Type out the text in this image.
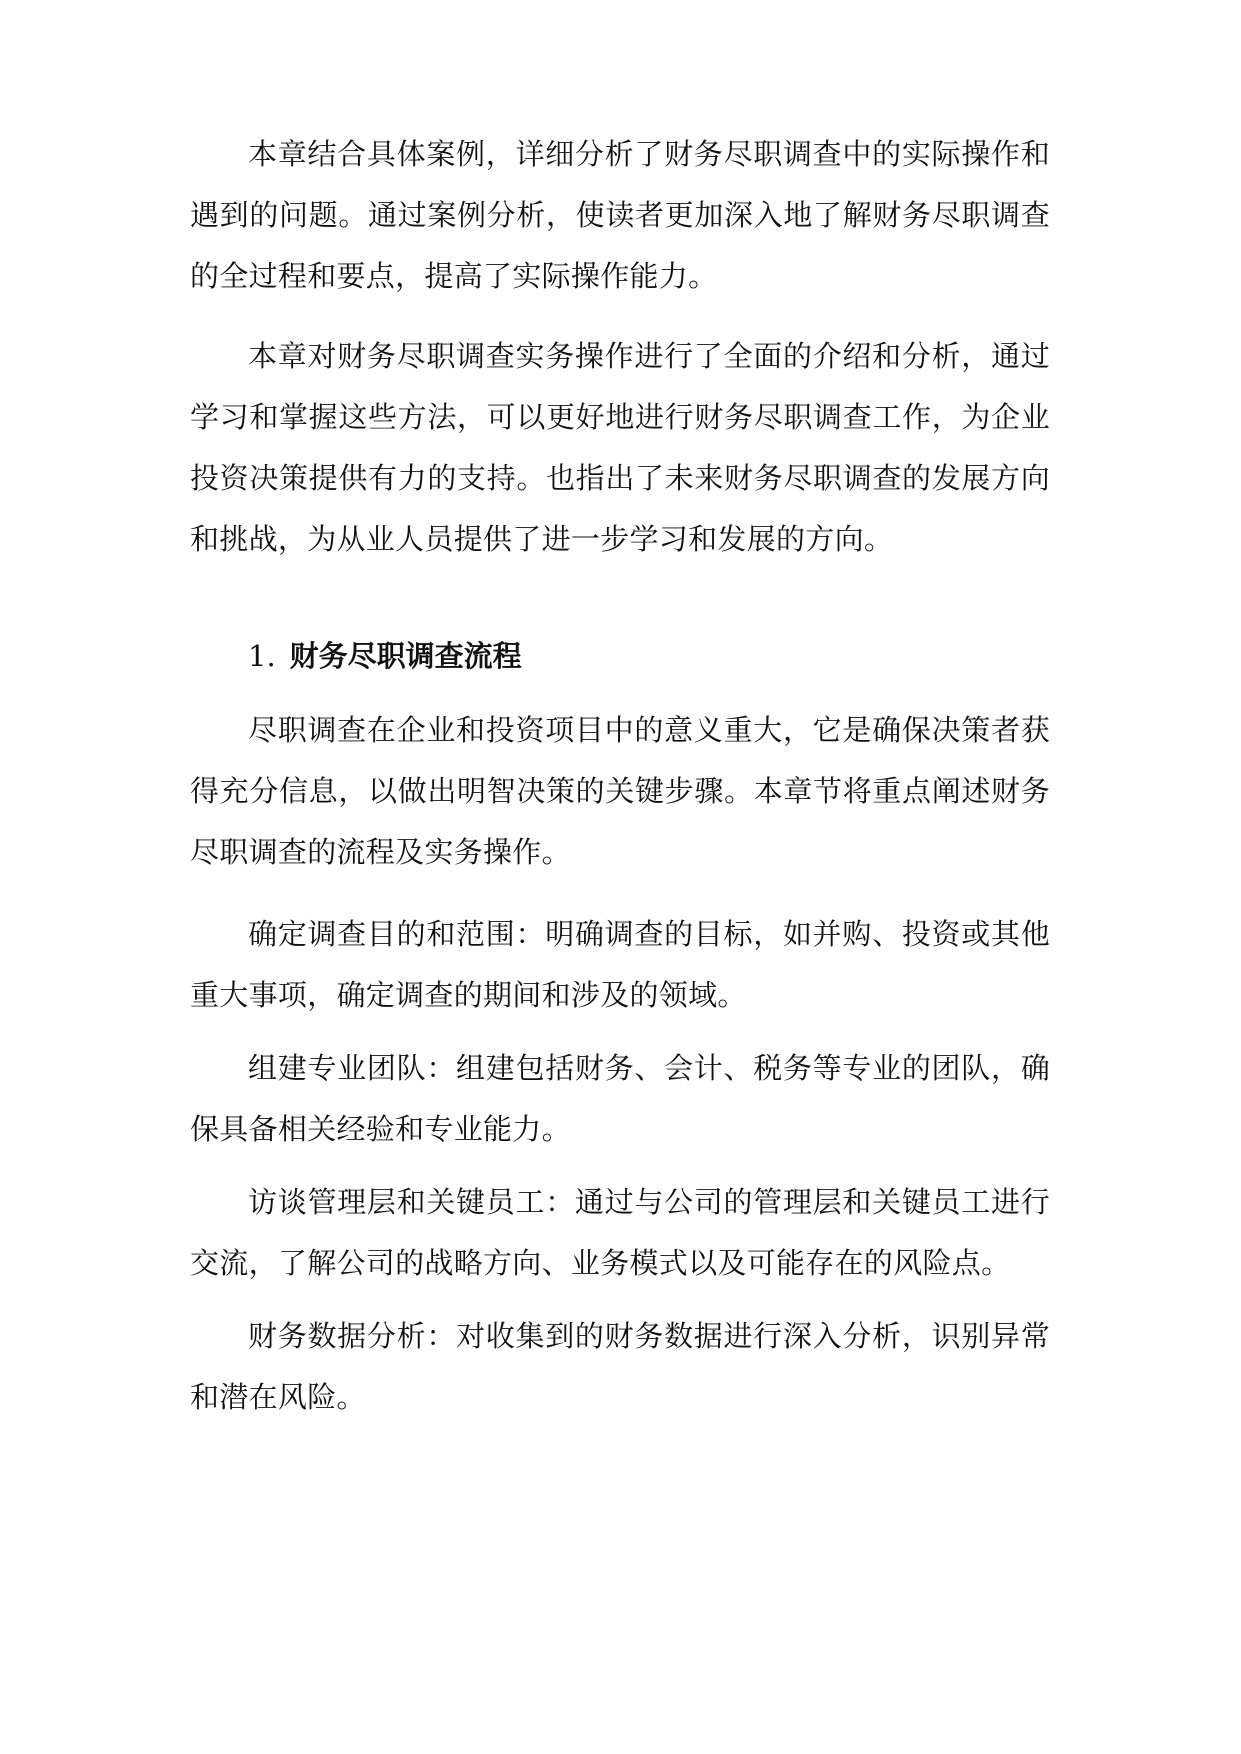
本章结合具体案例，详细分析了财务尽职调查中的实际操作和遇到的问题。通过案例分析，使读者更加深入地了解财务尽职调查的全过程和要点，提高了实际操作能力。

本章对财务尽职调查实务操作进行了全面的介绍和分析，通过学习和掌握这些方法，可以更好地进行财务尽职调查工作，为企业投资决策提供有力的支持。也指出了未来财务尽职调查的发展方向和挑战，为从业人员提供了进一步学习和发展的方向。

1. 财务尽职调查流程

尽职调查在企业和投资项目中的意义重大，它是确保决策者获得充分信息，以做出明智决策的关键步骤。本章节将重点阐述财务尽职调查的流程及实务操作。

确定调查目的和范围：明确调查的目标，如并购、投资或其他重大事项，确定调查的期间和涉及的领域。

组建专业团队：组建包括财务、会计、税务等专业的团队，确保具备相关经验和专业能力。

访谈管理层和关键员工：通过与公司的管理层和关键员工进行交流，了解公司的战略方向、业务模式以及可能存在的风险点。

财务数据分析：对收集到的财务数据进行深入分析，识别异常和潜在风险。
